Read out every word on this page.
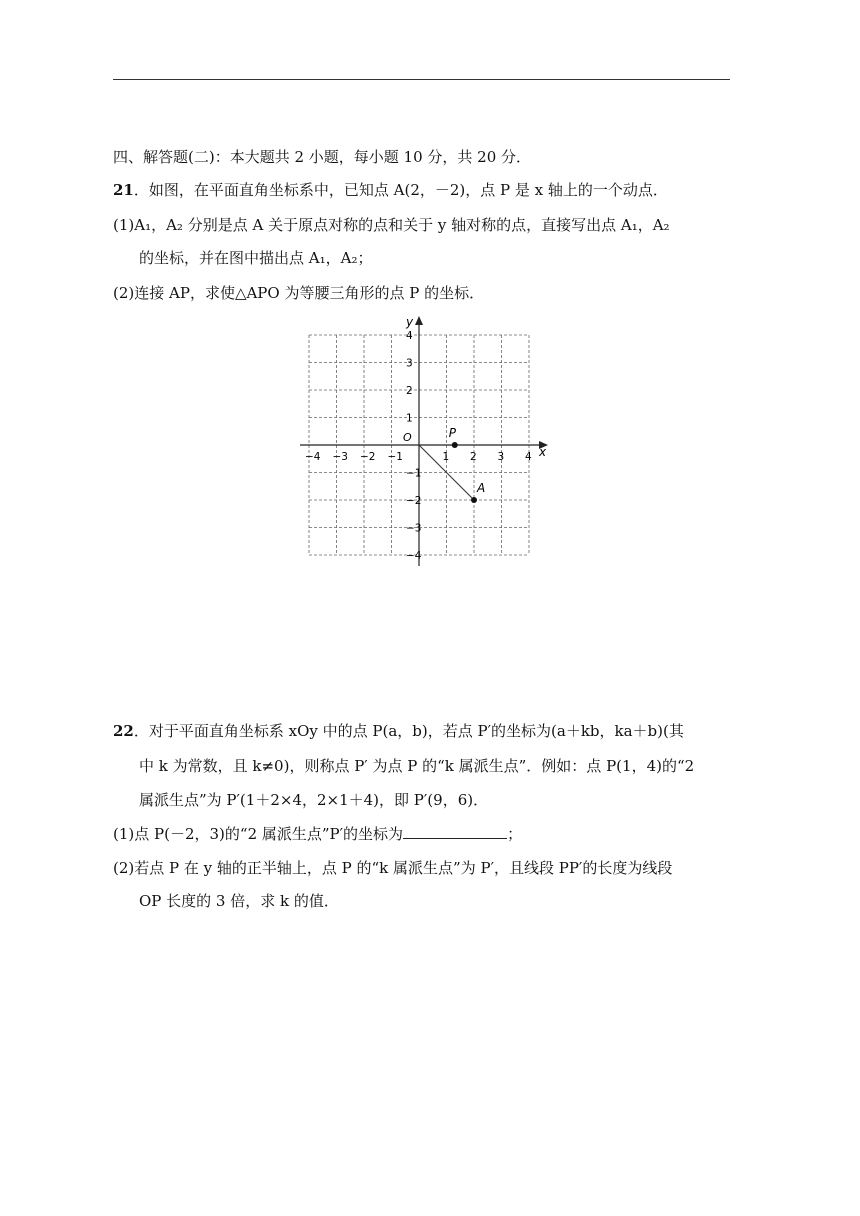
四、解答题(二)：本大题共 2 小题，每小题 10 分，共 20 分．
21．如图，在平面直角坐标系中，已知点 A(2，－2)，点 P 是 x 轴上的一个动点．
(1)A₁，A₂ 分别是点 A 关于原点对称的点和关于 y 轴对称的点，直接写出点 A₁，A₂
的坐标，并在图中描出点 A₁，A₂；
(2)连接 AP，求使△APO 为等腰三角形的点 P 的坐标．
x
y
O
−4 −3 −2 −1	1 2 3 4
4
3
2
1
−1
−2
−3
−4
P
A
22．对于平面直角坐标系 xOy 中的点 P(a，b)，若点 P′的坐标为(a＋kb，ka＋b)(其
中 k 为常数，且 k≠0)，则称点 P′ 为点 P 的“k 属派生点”．例如：点 P(1，4)的“2
属派生点”为 P′(1＋2×4，2×1＋4)，即 P′(9，6)．
(1)点 P(－2，3)的“2 属派生点”P′的坐标为	；
(2)若点 P 在 y 轴的正半轴上，点 P 的“k 属派生点”为 P′，且线段 PP′的长度为线段
OP 长度的 3 倍，求 k 的值．
